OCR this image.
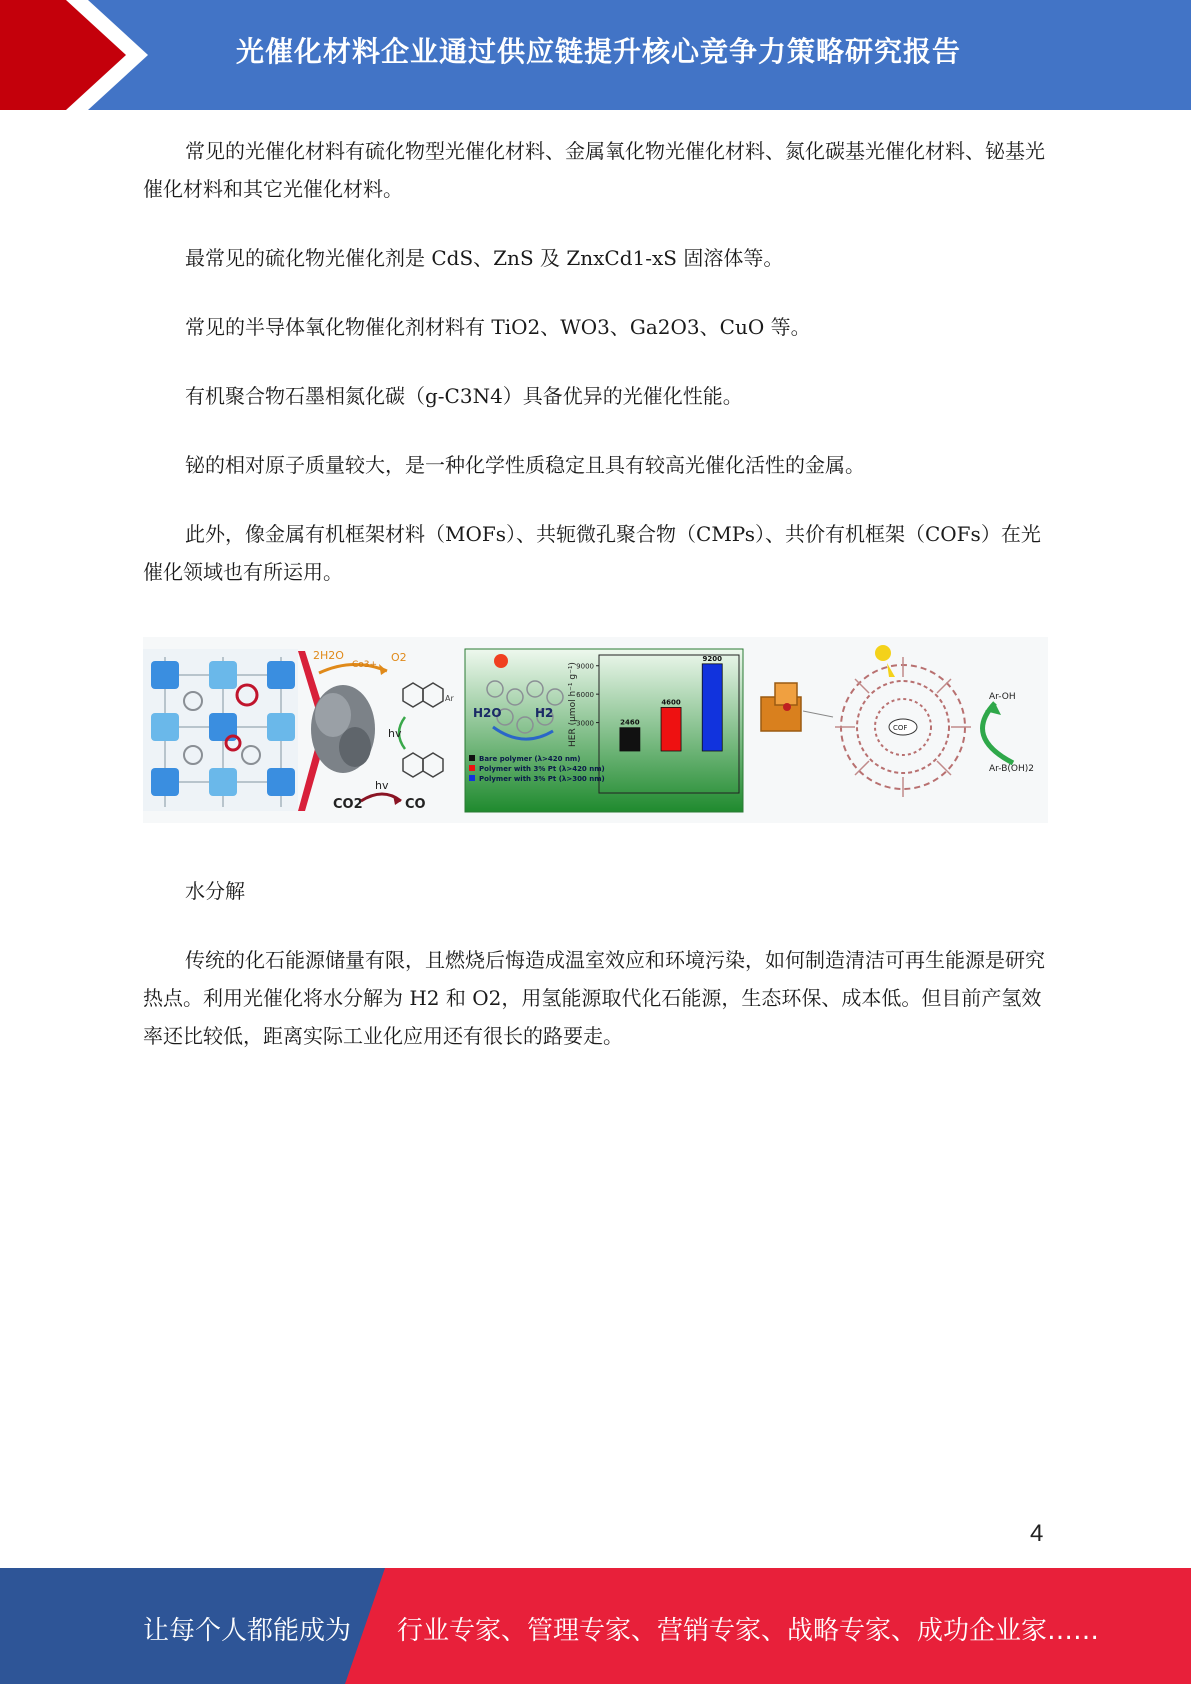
光催化材料企业通过供应链提升核心竞争力策略研究报告

常见的光催化材料有硫化物型光催化材料、金属氧化物光催化材料、氮化碳基光催化材料、铋基光催化材料和其它光催化材料。

最常见的硫化物光催化剂是 CdS、ZnS 及 ZnxCd1-xS 固溶体等。

常见的半导体氧化物催化剂材料有 TiO2、WO3、Ga2O3、CuO 等。

有机聚合物石墨相氮化碳（g-C3N4）具备优异的光催化性能。

铋的相对原子质量较大，是一种化学性质稳定且具有较高光催化活性的金属。

此外，像金属有机框架材料（MOFs）、共轭微孔聚合物（CMPs）、共价有机框架（COFs）在光催化领域也有所运用。

2H2O
Co3+
O2
Ar
hv
CO2
hv
CO
H2O	H2 HER (μmol h⁻¹ g⁻¹)
3000
6000
9000
2460
4600
9200
Bare polymer (λ>420 nm)
Polymer with 3% Pt (λ>420 nm)
Polymer with 3% Pt (λ>300 nm)
COF
Ar-OH
Ar-B(OH)2

水分解

传统的化石能源储量有限，且燃烧后悔造成温室效应和环境污染，如何制造清洁可再生能源是研究热点。利用光催化将水分解为 H2 和 O2，用氢能源取代化石能源，生态环保、成本低。但目前产氢效率还比较低，距离实际工业化应用还有很长的路要走。

4
让每个人都能成为 行业专家、管理专家、营销专家、战略专家、成功企业家……
